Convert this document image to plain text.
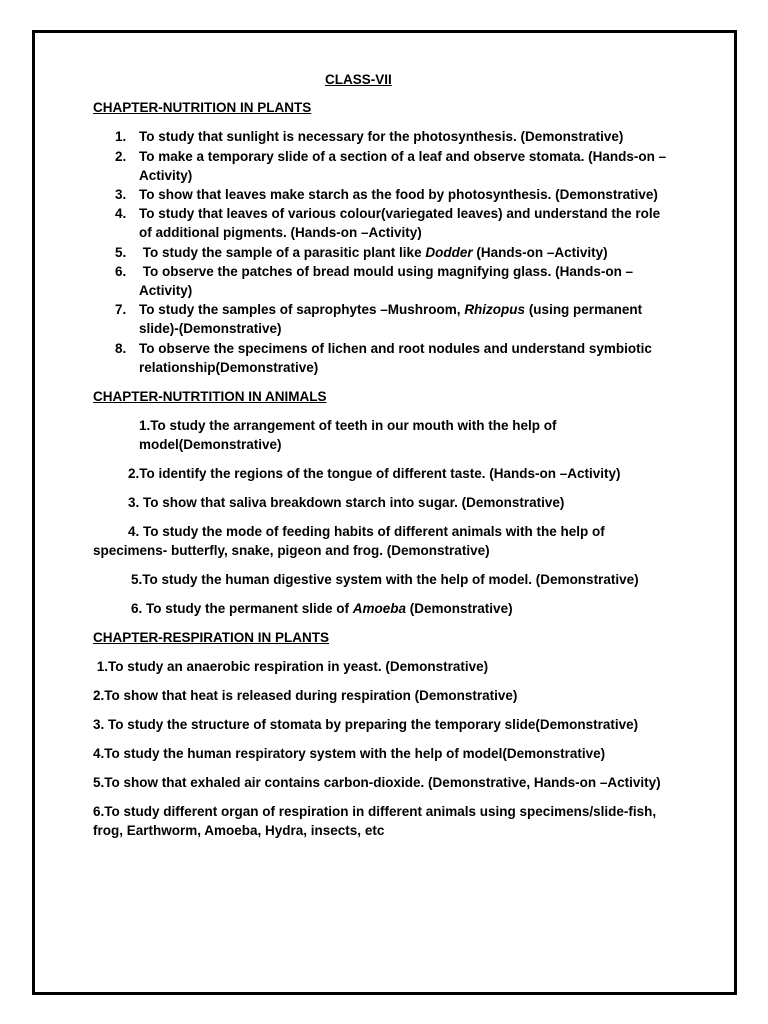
CLASS-VII
CHAPTER-NUTRITION IN PLANTS
1. To study that sunlight is necessary for the photosynthesis. (Demonstrative)
2. To make a temporary slide of a section of a leaf and observe stomata. (Hands-on –
Activity)
3. To show that leaves make starch as the food by photosynthesis. (Demonstrative)
4. To study that leaves of various colour(variegated leaves) and understand the role
of additional pigments. (Hands-on –Activity)
5. To study the sample of a parasitic plant like Dodder (Hands-on –Activity)
6. To observe the patches of bread mould using magnifying glass. (Hands-on –
Activity)
7. To study the samples of saprophytes –Mushroom, Rhizopus (using permanent
slide)-(Demonstrative)
8. To observe the specimens of lichen and root nodules and understand symbiotic
relationship(Demonstrative)
CHAPTER-NUTRTITION IN ANIMALS
1.To study the arrangement of teeth in our mouth with the help of
model(Demonstrative)
2.To identify the regions of the tongue of different taste. (Hands-on –Activity)
3. To show that saliva breakdown starch into sugar. (Demonstrative)
4. To study the mode of feeding habits of different animals with the help of
specimens- butterfly, snake, pigeon and frog. (Demonstrative)
5.To study the human digestive system with the help of model. (Demonstrative)
6. To study the permanent slide of Amoeba (Demonstrative)
CHAPTER-RESPIRATION IN PLANTS
1.To study an anaerobic respiration in yeast. (Demonstrative)
2.To show that heat is released during respiration (Demonstrative)
3. To study the structure of stomata by preparing the temporary slide(Demonstrative)
4.To study the human respiratory system with the help of model(Demonstrative)
5.To show that exhaled air contains carbon-dioxide. (Demonstrative, Hands-on –Activity)
6.To study different organ of respiration in different animals using specimens/slide-fish,
frog, Earthworm, Amoeba, Hydra, insects, etc
